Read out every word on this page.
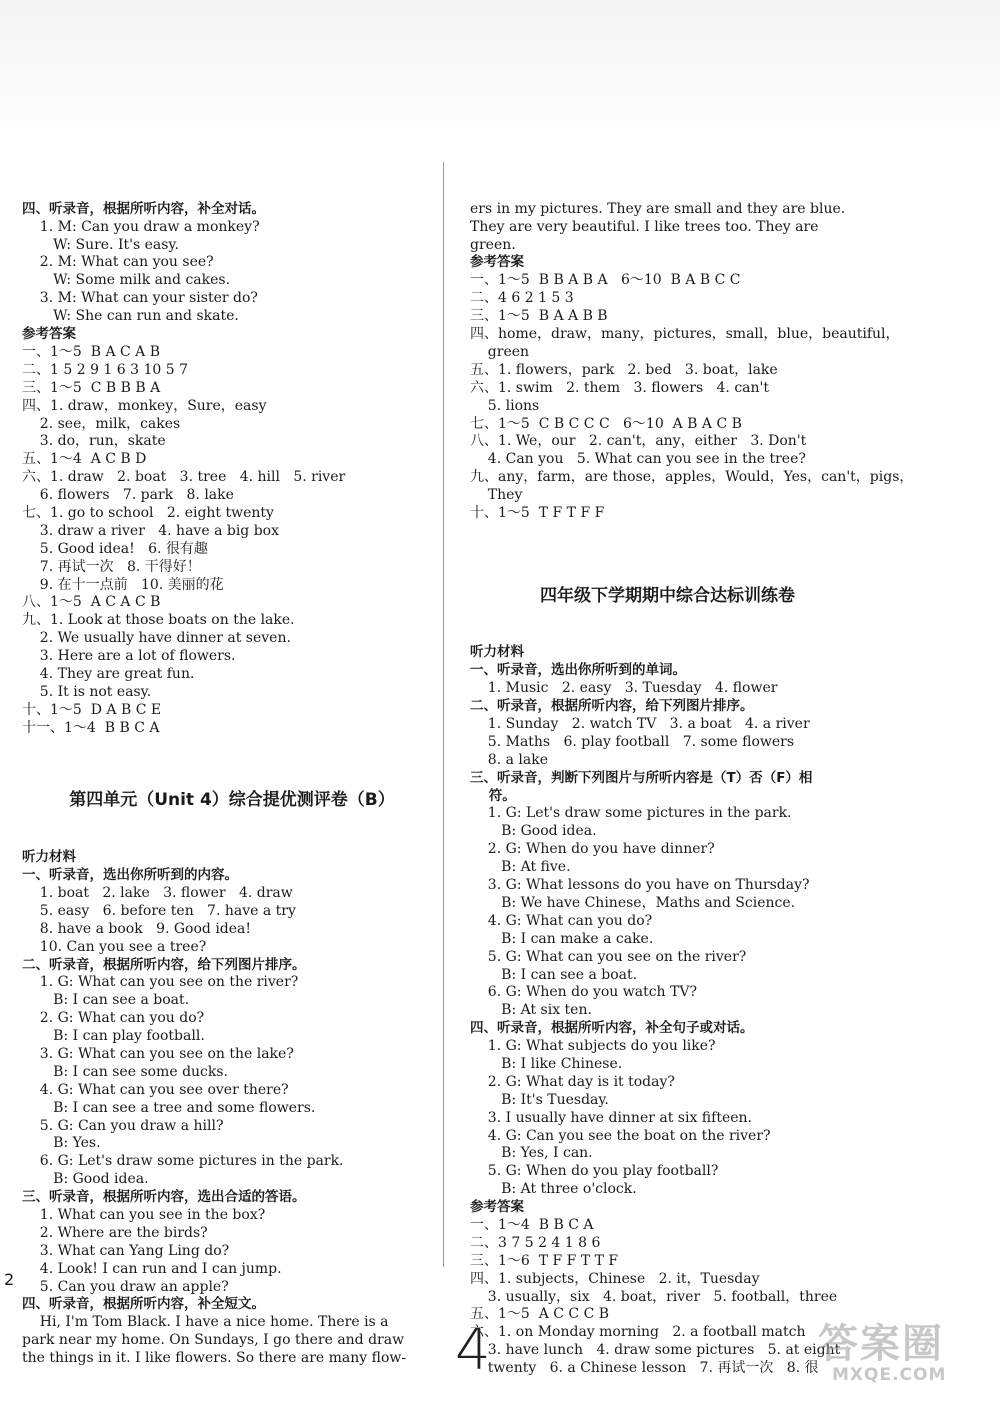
四、听录音，根据所听内容，补全对话。
1. M: Can you draw a monkey?
W: Sure. It's easy.
2. M: What can you see?
W: Some milk and cakes.
3. M: What can your sister do?
W: She can run and skate.
参考答案
一、1～5  B A C A B
二、1 5 2 9 1 6 3 10 5 7
三、1～5  C B B B A
四、1. draw，monkey，Sure，easy
2. see，milk，cakes
3. do，run，skate
五、1～4  A C B D
六、1. draw   2. boat   3. tree   4. hill   5. river
6. flowers   7. park   8. lake
七、1. go to school   2. eight twenty
3. draw a river   4. have a big box
5. Good idea!   6. 很有趣
7. 再试一次   8. 干得好！
9. 在十一点前   10. 美丽的花
八、1～5  A C A C B
九、1. Look at those boats on the lake.
2. We usually have dinner at seven.
3. Here are a lot of flowers.
4. They are great fun.
5. It is not easy.
十、1～5  D A B C E
十一、1～4  B B C A

第四单元（Unit 4）综合提优测评卷（B）

听力材料
一、听录音，选出你所听到的内容。
1. boat   2. lake   3. flower   4. draw
5. easy   6. before ten   7. have a try
8. have a book   9. Good idea!
10. Can you see a tree?
二、听录音，根据所听内容，给下列图片排序。
1. G: What can you see on the river?
B: I can see a boat.
2. G: What can you do?
B: I can play football.
3. G: What can you see on the lake?
B: I can see some ducks.
4. G: What can you see over there?
B: I can see a tree and some flowers.
5. G: Can you draw a hill?
B: Yes.
6. G: Let's draw some pictures in the park.
B: Good idea.
三、听录音，根据所听内容，选出合适的答语。
1. What can you see in the box?
2. Where are the birds?
3. What can Yang Ling do?
4. Look! I can run and I can jump.
5. Can you draw an apple?
四、听录音，根据所听内容，补全短文。
Hi, I'm Tom Black. I have a nice home. There is a
park near my home. On Sundays, I go there and draw
the things in it. I like flowers. So there are many flow-

ers in my pictures. They are small and they are blue.
They are very beautiful. I like trees too. They are
green.
参考答案
一、1～5  B B A B A   6～10  B A B C C
二、4 6 2 1 5 3
三、1～5  B A A B B
四、home，draw，many，pictures，small，blue，beautiful，
green
五、1. flowers，park   2. bed   3. boat，lake
六、1. swim   2. them   3. flowers   4. can't
5. lions
七、1～5  C B C C C   6～10  A B A C B
八、1. We，our   2. can't，any，either   3. Don't
4. Can you   5. What can you see in the tree?
九、any，farm，are those，apples，Would，Yes，can't，pigs，
They
十、1～5  T F T F F

四年级下学期期中综合达标训练卷

听力材料
一、听录音，选出你所听到的单词。
1. Music   2. easy   3. Tuesday   4. flower
二、听录音，根据所听内容，给下列图片排序。
1. Sunday   2. watch TV   3. a boat   4. a river
5. Maths   6. play football   7. some flowers
8. a lake
三、听录音，判断下列图片与所听内容是（T）否（F）相
符。
1. G: Let's draw some pictures in the park.
B: Good idea.
2. G: When do you have dinner?
B: At five.
3. G: What lessons do you have on Thursday?
B: We have Chinese，Maths and Science.
4. G: What can you do?
B: I can make a cake.
5. G: What can you see on the river?
B: I can see a boat.
6. G: When do you watch TV?
B: At six ten.
四、听录音，根据所听内容，补全句子或对话。
1. G: What subjects do you like?
B: I like Chinese.
2. G: What day is it today?
B: It's Tuesday.
3. I usually have dinner at six fifteen.
4. G: Can you see the boat on the river?
B: Yes, I can.
5. G: When do you play football?
B: At three o'clock.
参考答案
一、1～4  B B C A
二、3 7 5 2 4 1 8 6
三、1～6  T F F T T F
四、1. subjects，Chinese   2. it，Tuesday
3. usually，six   4. boat，river   5. football，three
五、1～5  A C C C B
六、1. on Monday morning   2. a football match
3. have lunch   4. draw some pictures   5. at eight
twenty   6. a Chinese lesson   7. 再试一次   8. 很

2
4	答案圈
MXQE.COM
